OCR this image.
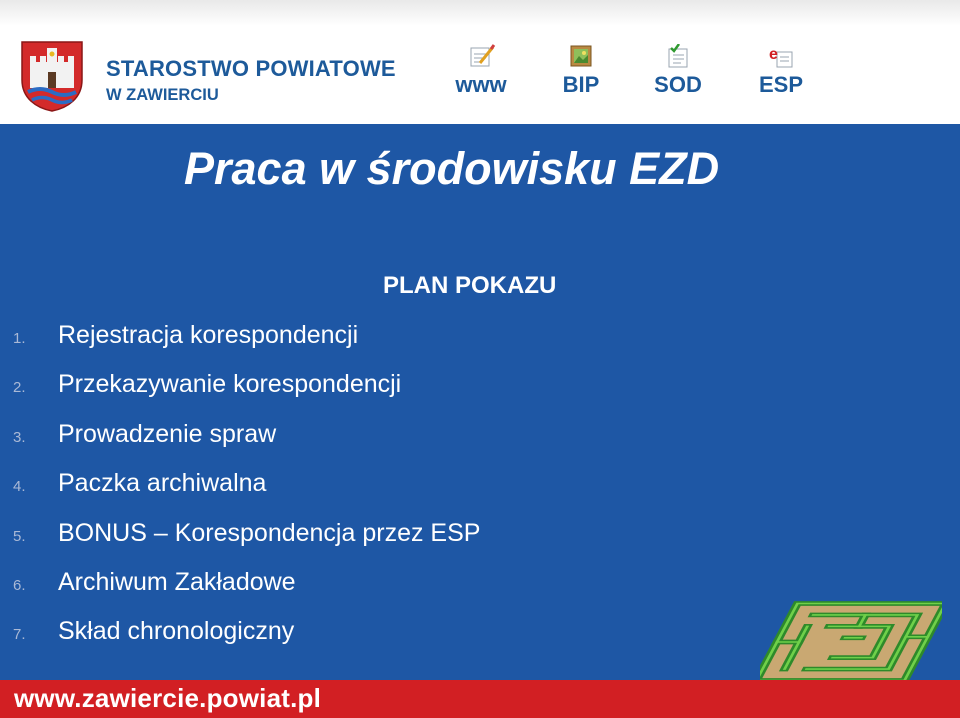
STAROSTWO POWIATOWE
W ZAWIERCIU	www	BIP	SOD
e
ESP
Praca w środowisku EZD
PLAN POKAZU
1. Rejestracja korespondencji
2. Przekazywanie korespondencji
3. Prowadzenie spraw
4. Paczka archiwalna
5. BONUS – Korespondencja przez ESP
6. Archiwum Zakładowe
7. Skład chronologiczny
www.zawiercie.powiat.pl
